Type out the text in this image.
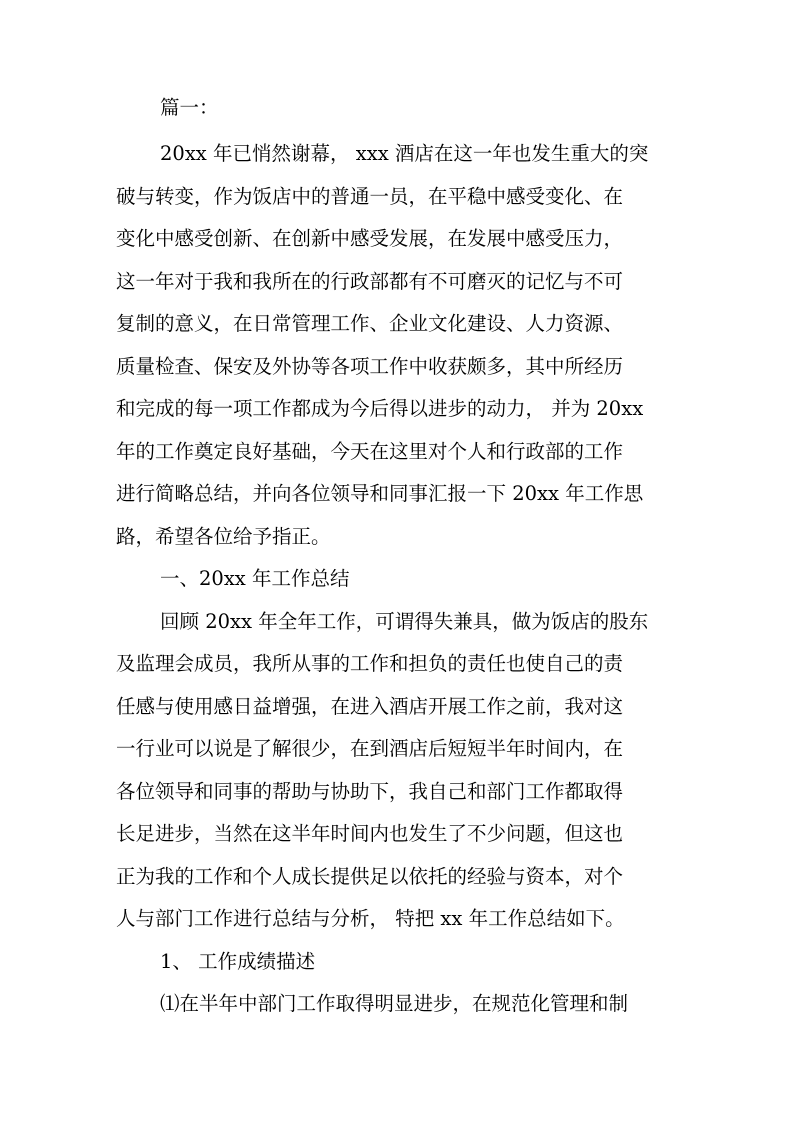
篇一：
20xx 年已悄然谢幕， xxx 酒店在这一年也发生重大的突
破与转变，作为饭店中的普通一员，在平稳中感受变化、在
变化中感受创新、在创新中感受发展，在发展中感受压力，
这一年对于我和我所在的行政部都有不可磨灭的记忆与不可
复制的意义，在日常管理工作、企业文化建设、人力资源、
质量检查、保安及外协等各项工作中收获颇多，其中所经历
和完成的每一项工作都成为今后得以进步的动力， 并为 20xx
年的工作奠定良好基础，今天在这里对个人和行政部的工作
进行简略总结，并向各位领导和同事汇报一下 20xx 年工作思
路，希望各位给予指正。
一、20xx 年工作总结
回顾 20xx 年全年工作，可谓得失兼具，做为饭店的股东
及监理会成员，我所从事的工作和担负的责任也使自己的责
任感与使用感日益增强，在进入酒店开展工作之前，我对这
一行业可以说是了解很少，在到酒店后短短半年时间内，在
各位领导和同事的帮助与协助下，我自己和部门工作都取得
长足进步，当然在这半年时间内也发生了不少问题，但这也
正为我的工作和个人成长提供足以依托的经验与资本，对个
人与部门工作进行总结与分析， 特把 xx 年工作总结如下。
1、 工作成绩描述
⑴在半年中部门工作取得明显进步，在规范化管理和制
